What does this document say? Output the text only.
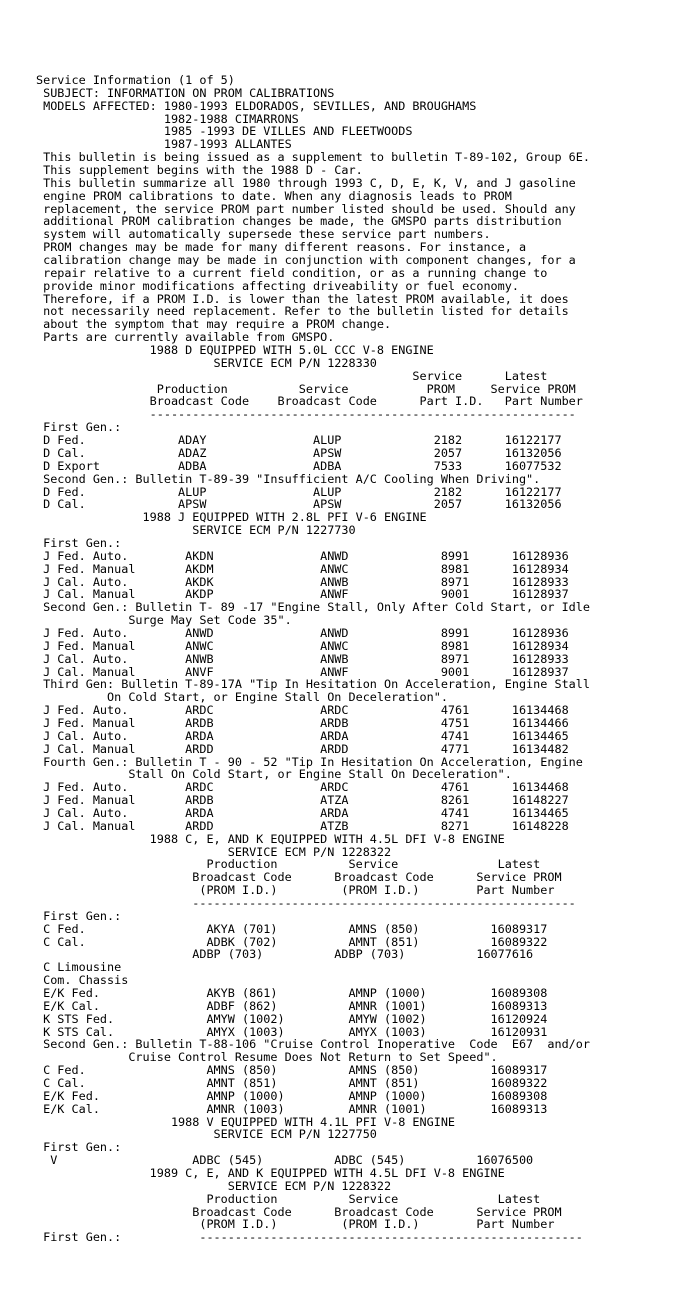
Service Information (1 of 5)
SUBJECT: INFORMATION ON PROM CALIBRATIONS
MODELS AFFECTED: 1980-1993 ELDORADOS, SEVILLES, AND BROUGHAMS
1982-1988 CIMARRONS
1985 -1993 DE VILLES AND FLEETWOODS
1987-1993 ALLANTES
This bulletin is being issued as a supplement to bulletin T-89-102, Group 6E.
This supplement begins with the 1988 D - Car.
This bulletin summarize all 1980 through 1993 C, D, E, K, V, and J gasoline
engine PROM calibrations to date. When any diagnosis leads to PROM
replacement, the service PROM part number listed should be used. Should any
additional PROM calibration changes be made, the GMSPO parts distribution
system will automatically supersede these service part numbers.
PROM changes may be made for many different reasons. For instance, a
calibration change may be made in conjunction with component changes, for a
repair relative to a current field condition, or as a running change to
provide minor modifications affecting driveability or fuel economy.
Therefore, if a PROM I.D. is lower than the latest PROM available, it does
not necessarily need replacement. Refer to the bulletin listed for details
about the symptom that may require a PROM change.
Parts are currently available from GMSPO.
1988 D EQUIPPED WITH 5.0L CCC V-8 ENGINE
SERVICE ECM P/N 1228330
Service      Latest
Production          Service           PROM     Service PROM
Broadcast Code    Broadcast Code      Part I.D.   Part Number
------------------------------------------------------------
First Gen.:
D Fed.             ADAY               ALUP             2182      16122177
D Cal.             ADAZ               APSW             2057      16132056
D Export           ADBA               ADBA             7533      16077532
Second Gen.: Bulletin T-89-39 "Insufficient A/C Cooling When Driving".
D Fed.             ALUP               ALUP             2182      16122177
D Cal.             APSW               APSW             2057      16132056
1988 J EQUIPPED WITH 2.8L PFI V-6 ENGINE
SERVICE ECM P/N 1227730
First Gen.:
J Fed. Auto.        AKDN               ANWD             8991      16128936
J Fed. Manual       AKDM               ANWC             8981      16128934
J Cal. Auto.        AKDK               ANWB             8971      16128933
J Cal. Manual       AKDP               ANWF             9001      16128937
Second Gen.: Bulletin T- 89 -17 "Engine Stall, Only After Cold Start, or Idle
Surge May Set Code 35".
J Fed. Auto.        ANWD               ANWD             8991      16128936
J Fed. Manual       ANWC               ANWC             8981      16128934
J Cal. Auto.        ANWB               ANWB             8971      16128933
J Cal. Manual       ANVF               ANWF             9001      16128937
Third Gen: Bulletin T-89-17A "Tip In Hesitation On Acceleration, Engine Stall
On Cold Start, or Engine Stall On Deceleration".
J Fed. Auto.        ARDC               ARDC             4761      16134468
J Fed. Manual       ARDB               ARDB             4751      16134466
J Cal. Auto.        ARDA               ARDA             4741      16134465
J Cal. Manual       ARDD               ARDD             4771      16134482
Fourth Gen.: Bulletin T - 90 - 52 "Tip In Hesitation On Acceleration, Engine
Stall On Cold Start, or Engine Stall On Deceleration".
J Fed. Auto.        ARDC               ARDC             4761      16134468
J Fed. Manual       ARDB               ATZA             8261      16148227
J Cal. Auto.        ARDA               ARDA             4741      16134465
J Cal. Manual       ARDD               ATZB             8271      16148228
1988 C, E, AND K EQUIPPED WITH 4.5L DFI V-8 ENGINE
SERVICE ECM P/N 1228322
Production          Service              Latest
Broadcast Code      Broadcast Code      Service PROM
(PROM I.D.)         (PROM I.D.)        Part Number
------------------------------------------------------
First Gen.:
C Fed.                 AKYA (701)          AMNS (850)          16089317
C Cal.                 ADBK (702)          AMNT (851)          16089322
ADBP (703)          ADBP (703)          16077616
C Limousine
Com. Chassis
E/K Fed.               AKYB (861)          AMNP (1000)         16089308
E/K Cal.               ADBF (862)          AMNR (1001)         16089313
K STS Fed.             AMYW (1002)         AMYW (1002)         16120924
K STS Cal.             AMYX (1003)         AMYX (1003)         16120931
Second Gen.: Bulletin T-88-106 "Cruise Control Inoperative  Code  E67  and/or
Cruise Control Resume Does Not Return to Set Speed".
C Fed.                 AMNS (850)          AMNS (850)          16089317
C Cal.                 AMNT (851)          AMNT (851)          16089322
E/K Fed.               AMNP (1000)         AMNP (1000)         16089308
E/K Cal.               AMNR (1003)         AMNR (1001)         16089313
1988 V EQUIPPED WITH 4.1L PFI V-8 ENGINE
SERVICE ECM P/N 1227750
First Gen.:
V                   ADBC (545)          ADBC (545)          16076500
1989 C, E, AND K EQUIPPED WITH 4.5L DFI V-8 ENGINE
SERVICE ECM P/N 1228322
Production          Service              Latest
Broadcast Code      Broadcast Code      Service PROM
(PROM I.D.)         (PROM I.D.)        Part Number
First Gen.:           ------------------------------------------------------
